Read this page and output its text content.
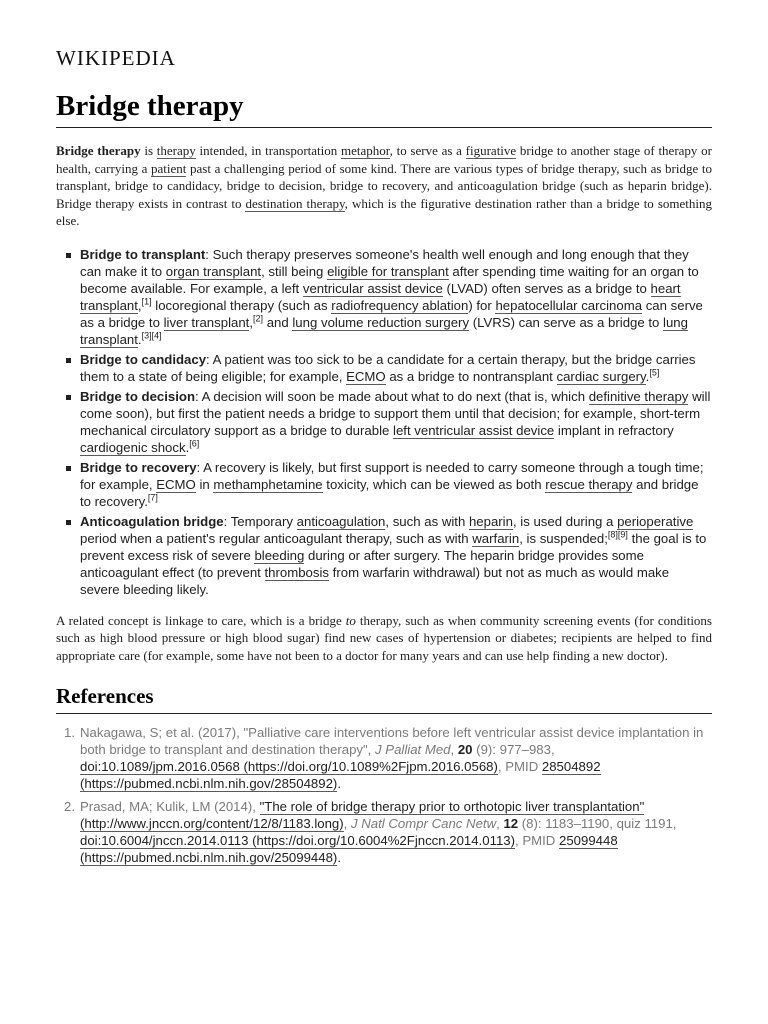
WIKIPEDIA
Bridge therapy

Bridge therapy is therapy intended, in transportation metaphor, to serve as a figurative bridge to another stage of therapy or health, carrying a patient past a challenging period of some kind. There are various types of bridge therapy, such as bridge to transplant, bridge to candidacy, bridge to decision, bridge to recovery, and anticoagulation bridge (such as heparin bridge). Bridge therapy exists in contrast to destination therapy, which is the figurative destination rather than a bridge to something else.

Bridge to transplant: Such therapy preserves someone's health well enough and long enough that they can make it to organ transplant, still being eligible for transplant after spending time waiting for an organ to become available. For example, a left ventricular assist device (LVAD) often serves as a bridge to heart transplant,[1] locoregional therapy (such as radiofrequency ablation) for hepatocellular carcinoma can serve as a bridge to liver transplant,[2] and lung volume reduction surgery (LVRS) can serve as a bridge to lung transplant.[3][4]
Bridge to candidacy: A patient was too sick to be a candidate for a certain therapy, but the bridge carries them to a state of being eligible; for example, ECMO as a bridge to nontransplant cardiac surgery.[5]
Bridge to decision: A decision will soon be made about what to do next (that is, which definitive therapy will come soon), but first the patient needs a bridge to support them until that decision; for example, short-term mechanical circulatory support as a bridge to durable left ventricular assist device implant in refractory cardiogenic shock.[6]
Bridge to recovery: A recovery is likely, but first support is needed to carry someone through a tough time; for example, ECMO in methamphetamine toxicity, which can be viewed as both rescue therapy and bridge to recovery.[7]
Anticoagulation bridge: Temporary anticoagulation, such as with heparin, is used during a perioperative period when a patient's regular anticoagulant therapy, such as with warfarin, is suspended;[8][9] the goal is to prevent excess risk of severe bleeding during or after surgery. The heparin bridge provides some anticoagulant effect (to prevent thrombosis from warfarin withdrawal) but not as much as would make severe bleeding likely.

A related concept is linkage to care, which is a bridge to therapy, such as when community screening events (for conditions such as high blood pressure or high blood sugar) find new cases of hypertension or diabetes; recipients are helped to find appropriate care (for example, some have not been to a doctor for many years and can use help finding a new doctor).

References
1. Nakagawa, S; et al. (2017), "Palliative care interventions before left ventricular assist device implantation in both bridge to transplant and destination therapy", J Palliat Med, 20 (9): 977–983, doi:10.1089/jpm.2016.0568 (https://doi.org/10.1089%2Fjpm.2016.0568), PMID 28504892 (https://pubmed.ncbi.nlm.nih.gov/28504892).
2. Prasad, MA; Kulik, LM (2014), "The role of bridge therapy prior to orthotopic liver transplantation" (http://www.jnccn.org/content/12/8/1183.long), J Natl Compr Canc Netw, 12 (8): 1183–1190, quiz 1191, doi:10.6004/jnccn.2014.0113 (https://doi.org/10.6004%2Fjnccn.2014.0113), PMID 25099448 (https://pubmed.ncbi.nlm.nih.gov/25099448).
